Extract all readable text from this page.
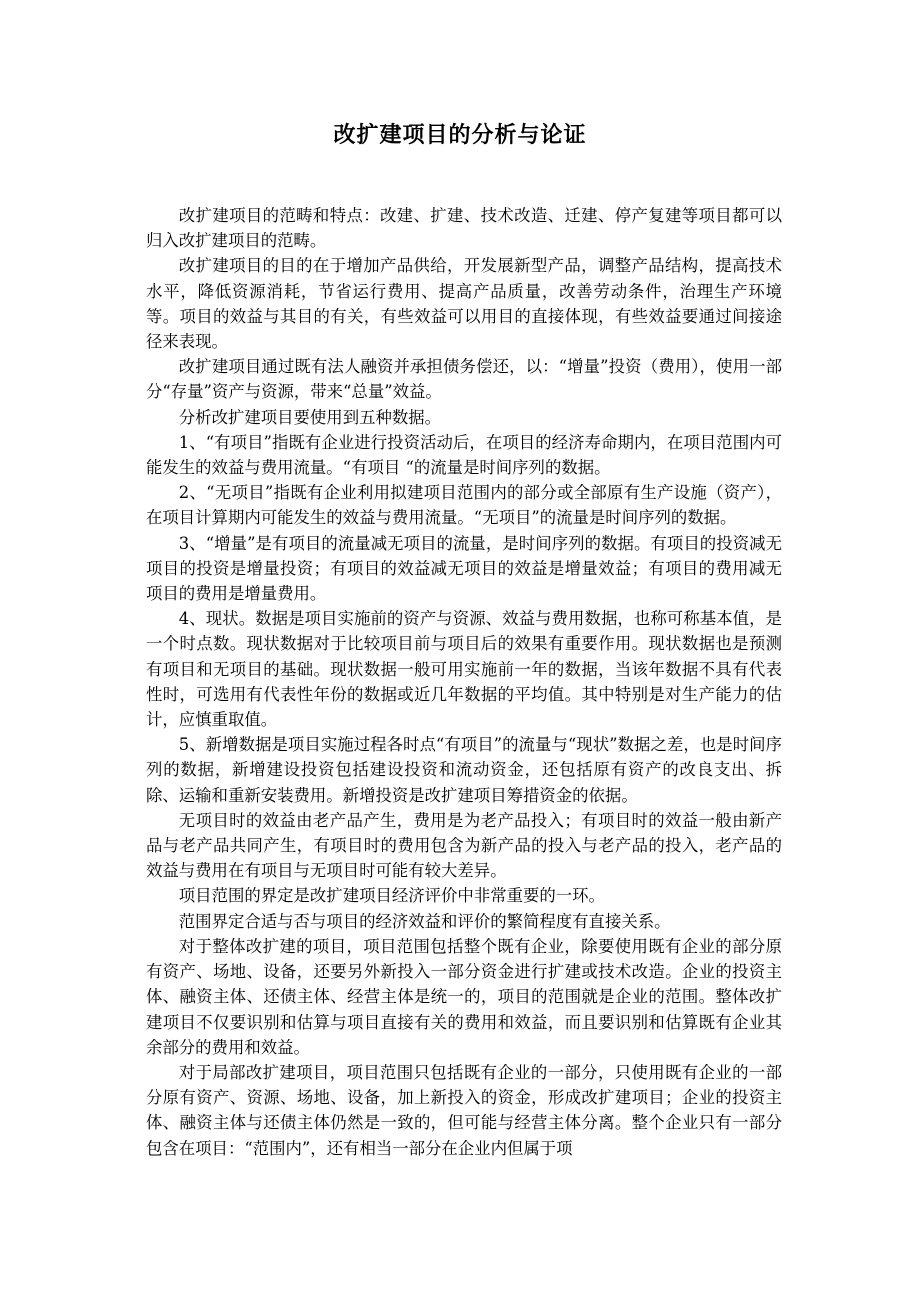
改扩建项目的分析与论证

改扩建项目的范畴和特点：改建、扩建、技术改造、迁建、停产复建等项目都可以归入改扩建项目的范畴。

改扩建项目的目的在于增加产品供给，开发展新型产品，调整产品结构，提高技术水平，降低资源消耗，节省运行费用、提高产品质量，改善劳动条件，治理生产环境等。项目的效益与其目的有关，有些效益可以用目的直接体现，有些效益要通过间接途径来表现。

改扩建项目通过既有法人融资并承担债务偿还，以：“增量”投资（费用），使用一部分“存量”资产与资源，带来“总量”效益。

分析改扩建项目要使用到五种数据。

1、“有项目”指既有企业进行投资活动后，在项目的经济寿命期内，在项目范围内可能发生的效益与费用流量。“有项目 “的流量是时间序列的数据。

2、“无项目”指既有企业利用拟建项目范围内的部分或全部原有生产设施（资产），在项目计算期内可能发生的效益与费用流量。“无项目”的流量是时间序列的数据。

3、“增量”是有项目的流量减无项目的流量，是时间序列的数据。有项目的投资减无项目的投资是增量投资；有项目的效益减无项目的效益是增量效益；有项目的费用减无项目的费用是增量费用。

4、现状。数据是项目实施前的资产与资源、效益与费用数据，也称可称基本值，是一个时点数。现状数据对于比较项目前与项目后的效果有重要作用。现状数据也是预测有项目和无项目的基础。现状数据一般可用实施前一年的数据，当该年数据不具有代表性时，可选用有代表性年份的数据或近几年数据的平均值。其中特别是对生产能力的估计，应慎重取值。

5、新增数据是项目实施过程各时点“有项目”的流量与“现状”数据之差，也是时间序列的数据，新增建设投资包括建设投资和流动资金，还包括原有资产的改良支出、拆除、运输和重新安装费用。新增投资是改扩建项目筹措资金的依据。

无项目时的效益由老产品产生，费用是为老产品投入；有项目时的效益一般由新产品与老产品共同产生，有项目时的费用包含为新产品的投入与老产品的投入，老产品的效益与费用在有项目与无项目时可能有较大差异。

项目范围的界定是改扩建项目经济评价中非常重要的一环。

范围界定合适与否与项目的经济效益和评价的繁简程度有直接关系。

对于整体改扩建的项目，项目范围包括整个既有企业，除要使用既有企业的部分原有资产、场地、设备，还要另外新投入一部分资金进行扩建或技术改造。企业的投资主体、融资主体、还债主体、经营主体是统一的，项目的范围就是企业的范围。整体改扩建项目不仅要识别和估算与项目直接有关的费用和效益，而且要识别和估算既有企业其余部分的费用和效益。

对于局部改扩建项目，项目范围只包括既有企业的一部分，只使用既有企业的一部分原有资产、资源、场地、设备，加上新投入的资金，形成改扩建项目；企业的投资主体、融资主体与还债主体仍然是一致的，但可能与经营主体分离。整个企业只有一部分包含在项目：“范围内”，还有相当一部分在企业内但属于项
